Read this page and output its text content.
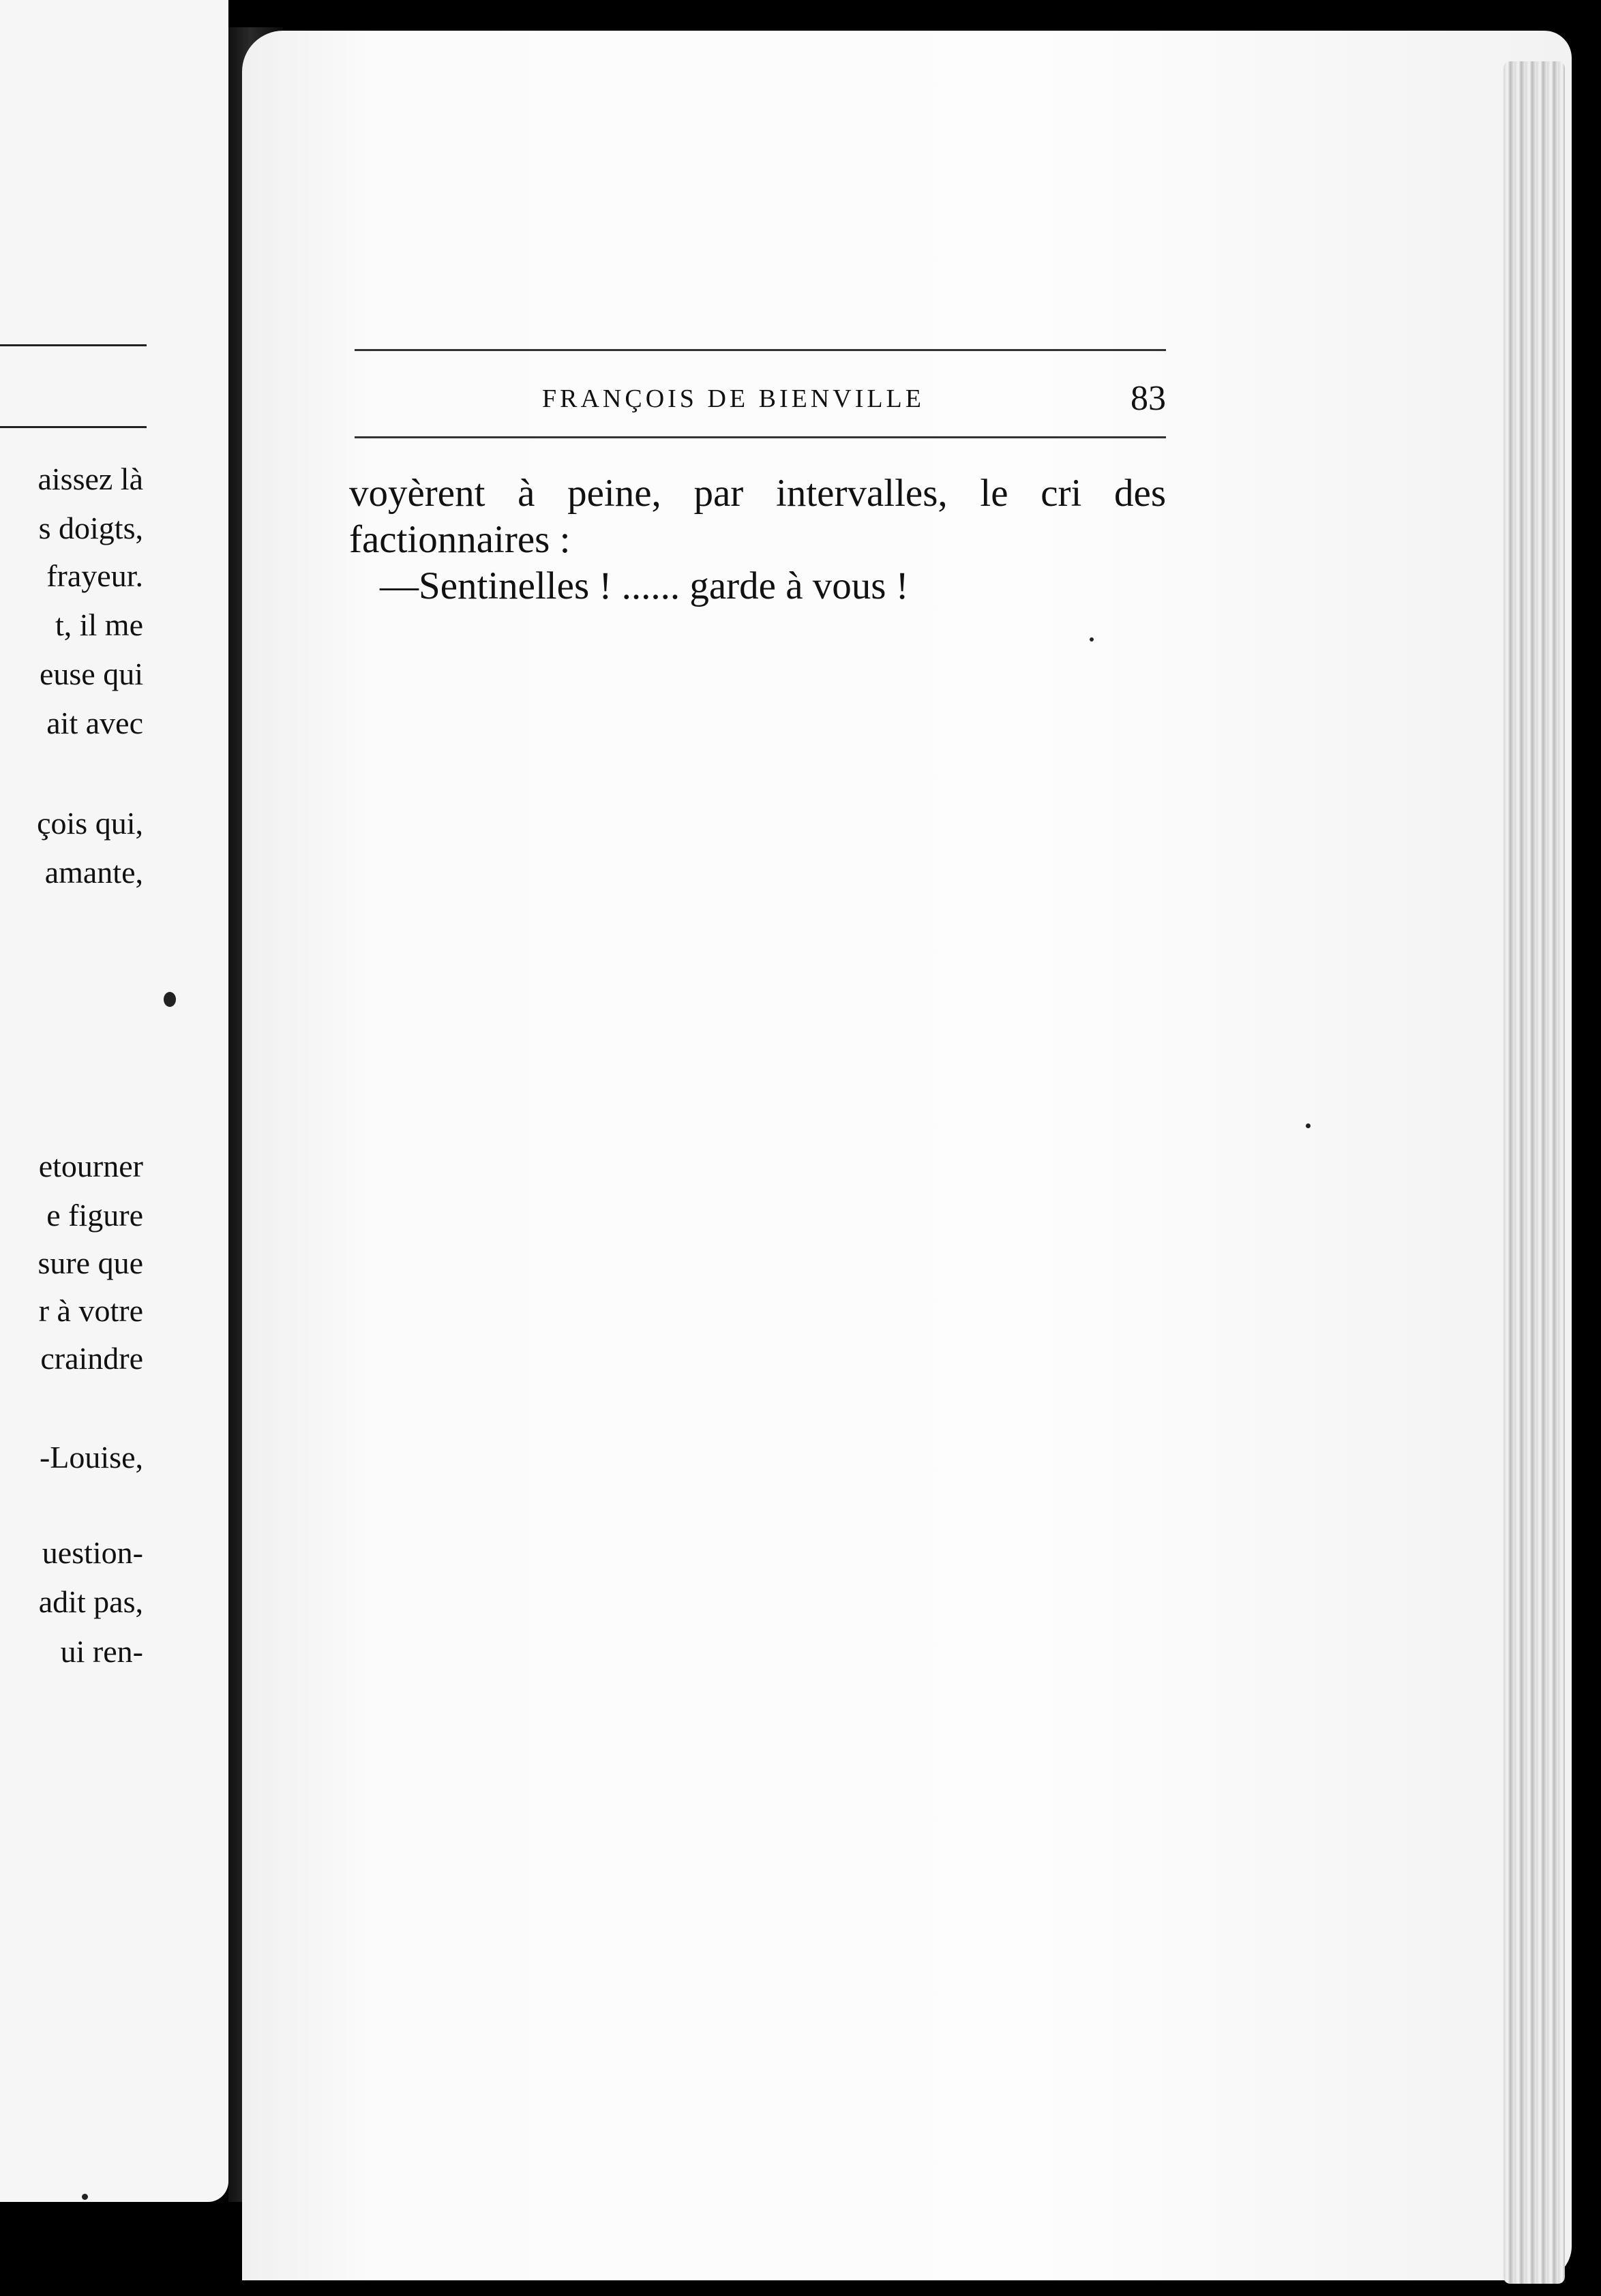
aissez là
s doigts,
frayeur.
t, il me
euse qui
ait avec
çois qui,
amante,
etourner
e figure
sure que
r à votre
craindre
-Louise,
uestion-
adit pas,
ui ren-
FRANÇOIS DE BIENVILLE	83
voyèrent à peine, par intervalles, le cri des
factionnaires :
—Sentinelles ! ...... garde à vous !
